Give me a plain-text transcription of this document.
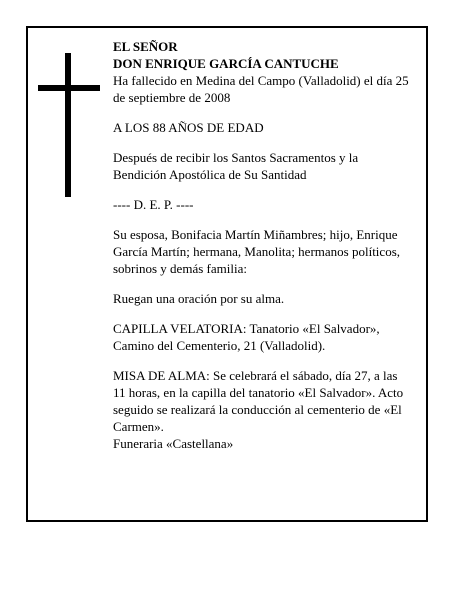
EL SEÑOR
DON ENRIQUE GARCÍA CANTUCHE

Ha fallecido en Medina del Campo (Valladolid) el día 25 de septiembre de 2008

A LOS 88 AÑOS DE EDAD

Después de recibir los Santos Sacramentos y la Bendición Apostólica de Su Santidad

---- D. E. P. ----

Su esposa, Bonifacia Martín Miñambres; hijo, Enrique García Martín; hermana, Manolita; hermanos políticos, sobrinos y demás familia:

Ruegan una oración por su alma.

CAPILLA VELATORIA: Tanatorio «El Salvador», Camino del Cementerio, 21 (Valladolid).

MISA DE ALMA: Se celebrará el sábado, día 27, a las 11 horas, en la capilla del tanatorio «El Salvador». Acto seguido se realizará la conducción al cementerio de «El Carmen».

Funeraria «Castellana»
